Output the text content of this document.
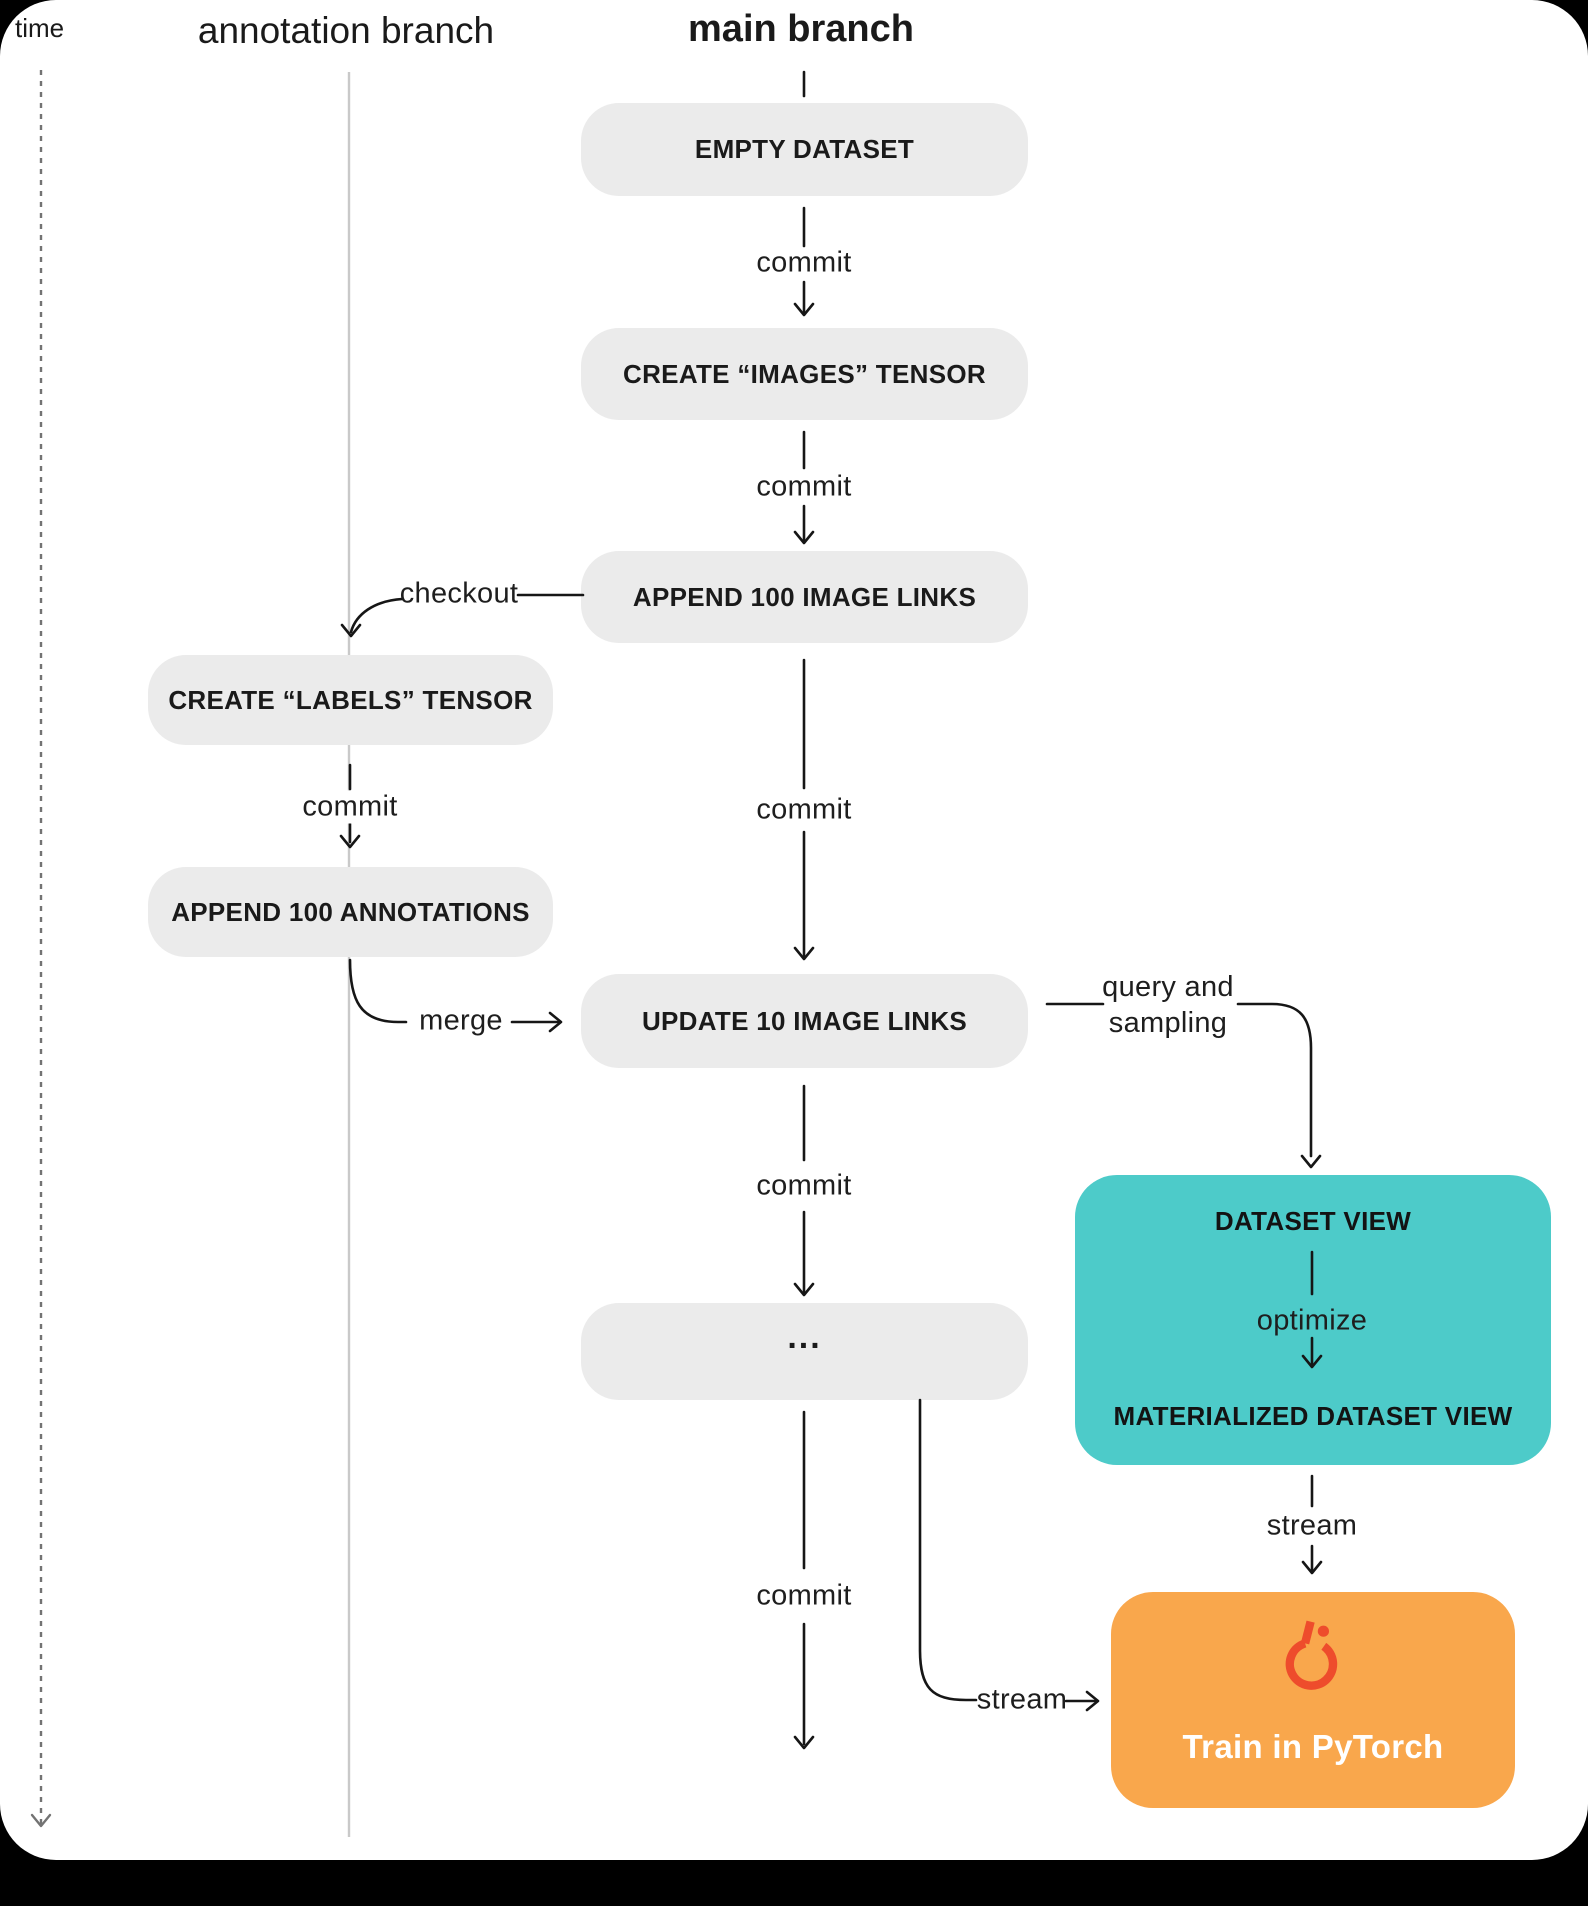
time	annotation branch	main branch
EMPTY DATASET
CREATE “IMAGES” TENSOR
APPEND 100 IMAGE LINKS
CREATE “LABELS” TENSOR
APPEND 100 ANNOTATIONS
UPDATE 10 IMAGE LINKS
...
DATASET VIEW
MATERIALIZED DATASET VIEW
Train in PyTorch
commit
commit
commit
commit
commit
commit
checkout
merge
query and
sampling
optimize
stream
stream
